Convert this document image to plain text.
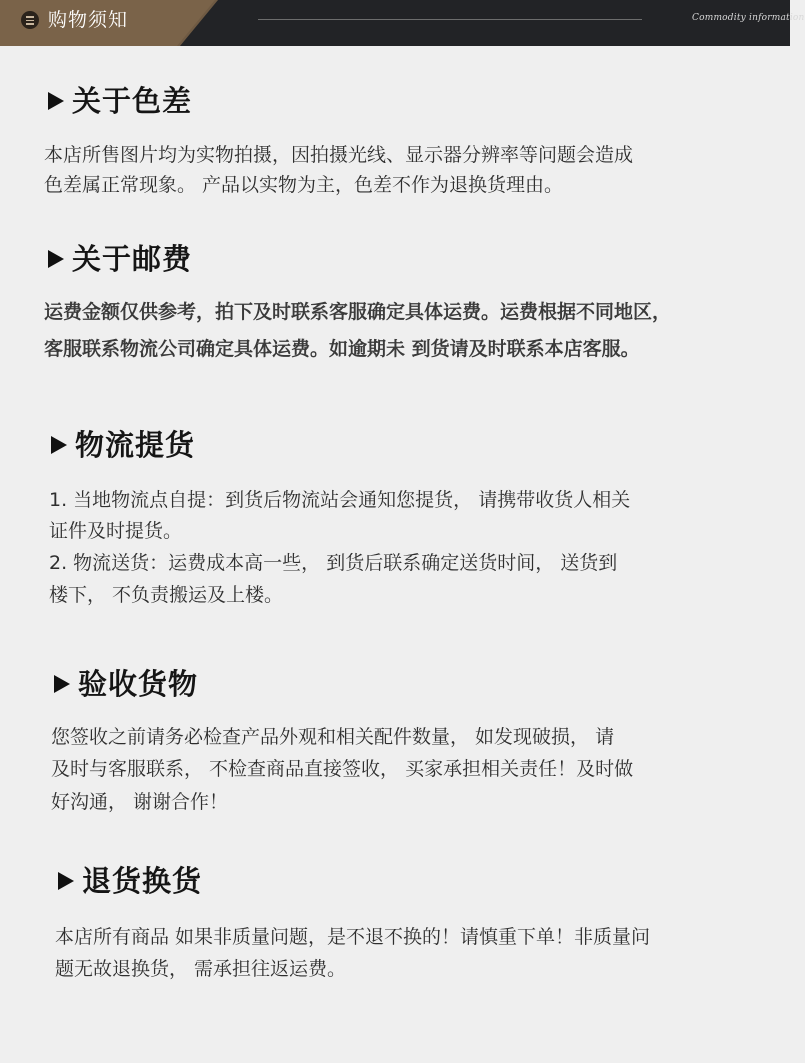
购物须知	Commodity information
关于色差
本店所售图片均为实物拍摄，因拍摄光线、显示器分辨率等问题会造成
色差属正常现象。 产品以实物为主，色差不作为退换货理由。
关于邮费
运费金额仅供参考，拍下及时联系客服确定具体运费。运费根据不同地区，
客服联系物流公司确定具体运费。如逾期未 到货请及时联系本店客服。
物流提货
1. 当地物流点自提：到货后物流站会通知您提货， 请携带收货人相关
证件及时提货。
2. 物流送货：运费成本高一些， 到货后联系确定送货时间， 送货到
楼下， 不负责搬运及上楼。
验收货物
您签收之前请务必检查产品外观和相关配件数量， 如发现破损， 请
及时与客服联系， 不检查商品直接签收， 买家承担相关责任！及时做
好沟通， 谢谢合作！
退货换货
本店所有商品 如果非质量问题，是不退不换的！请慎重下单！非质量问
题无故退换货， 需承担往返运费。
